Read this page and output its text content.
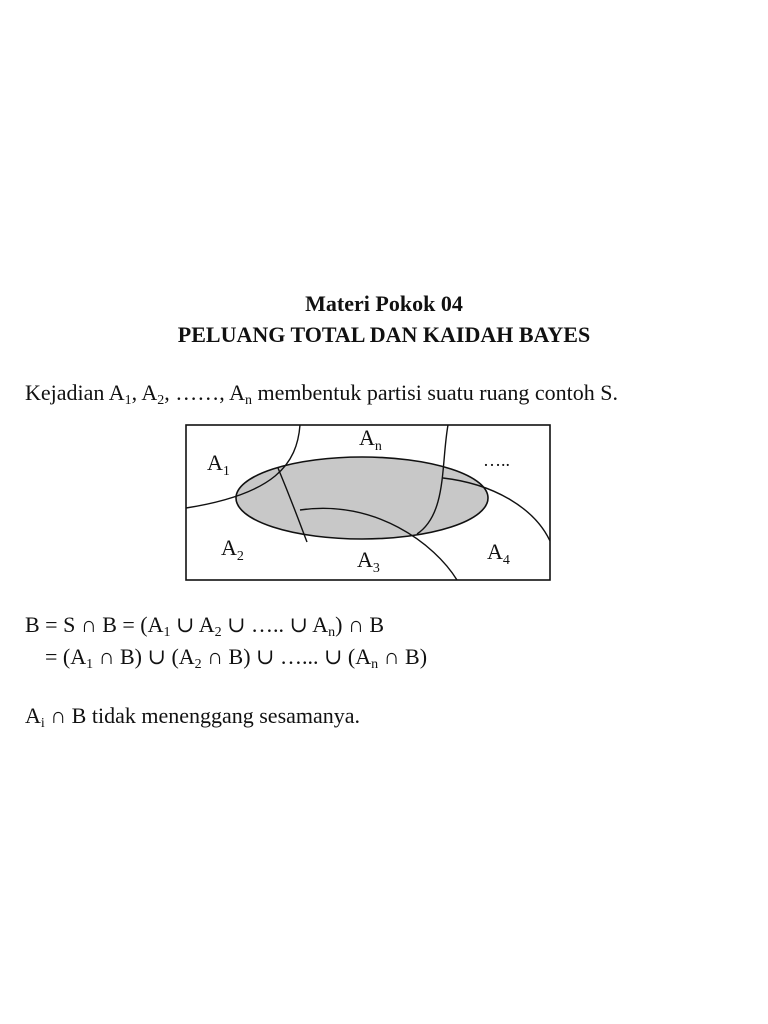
Materi Pokok 04
PELUANG TOTAL DAN KAIDAH BAYES
Kejadian $A_1$, $A_2$, ……, $A_n$ membentuk partisi suatu ruang contoh S.
$A_1$
$A_2$	$A_3$
$A_4$
$A_n$
…..
B = S ∩ $B = (A_1$ ∪ $A_2$ ∪ ….. ∪ $A_n$) ∩ B
= ($A_1$ ∩ B) ∪ ($A_2$ ∩ B) ∪ …... ∪ ($A_n$ ∩ B)
$A_i$ ∩ B tidak menenggang sesamanya.
